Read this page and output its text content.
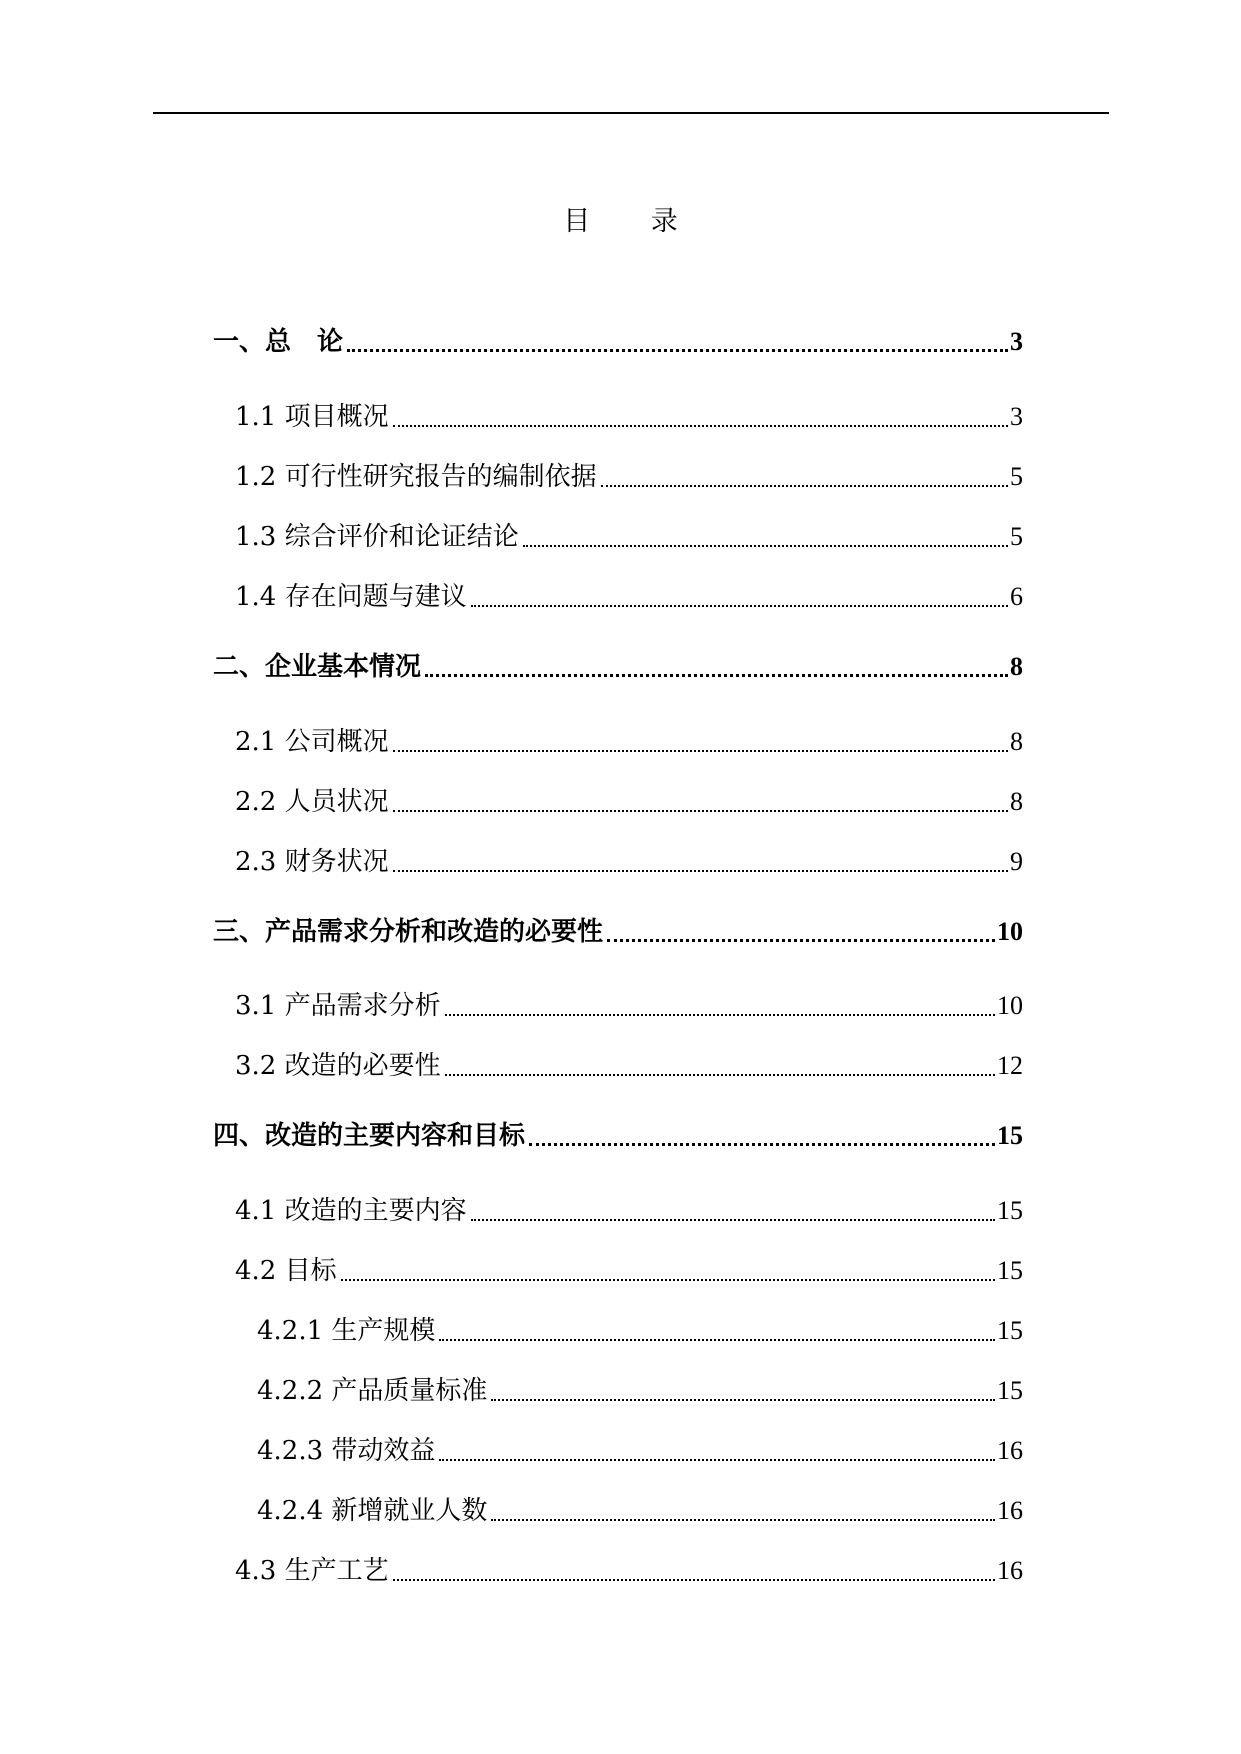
目 录
一、总　论	3
1.1 项目概况	3
1.2 可行性研究报告的编制依据	5
1.3 综合评价和论证结论	5
1.4 存在问题与建议	6
二、企业基本情况	8
2.1 公司概况	8
2.2 人员状况	8
2.3 财务状况	9
三、产品需求分析和改造的必要性	10
3.1 产品需求分析	10
3.2 改造的必要性	12
四、改造的主要内容和目标	15
4.1 改造的主要内容	15
4.2 目标	15
4.2.1 生产规模	15
4.2.2 产品质量标准	15
4.2.3 带动效益	16
4.2.4 新增就业人数	16
4.3 生产工艺	16
